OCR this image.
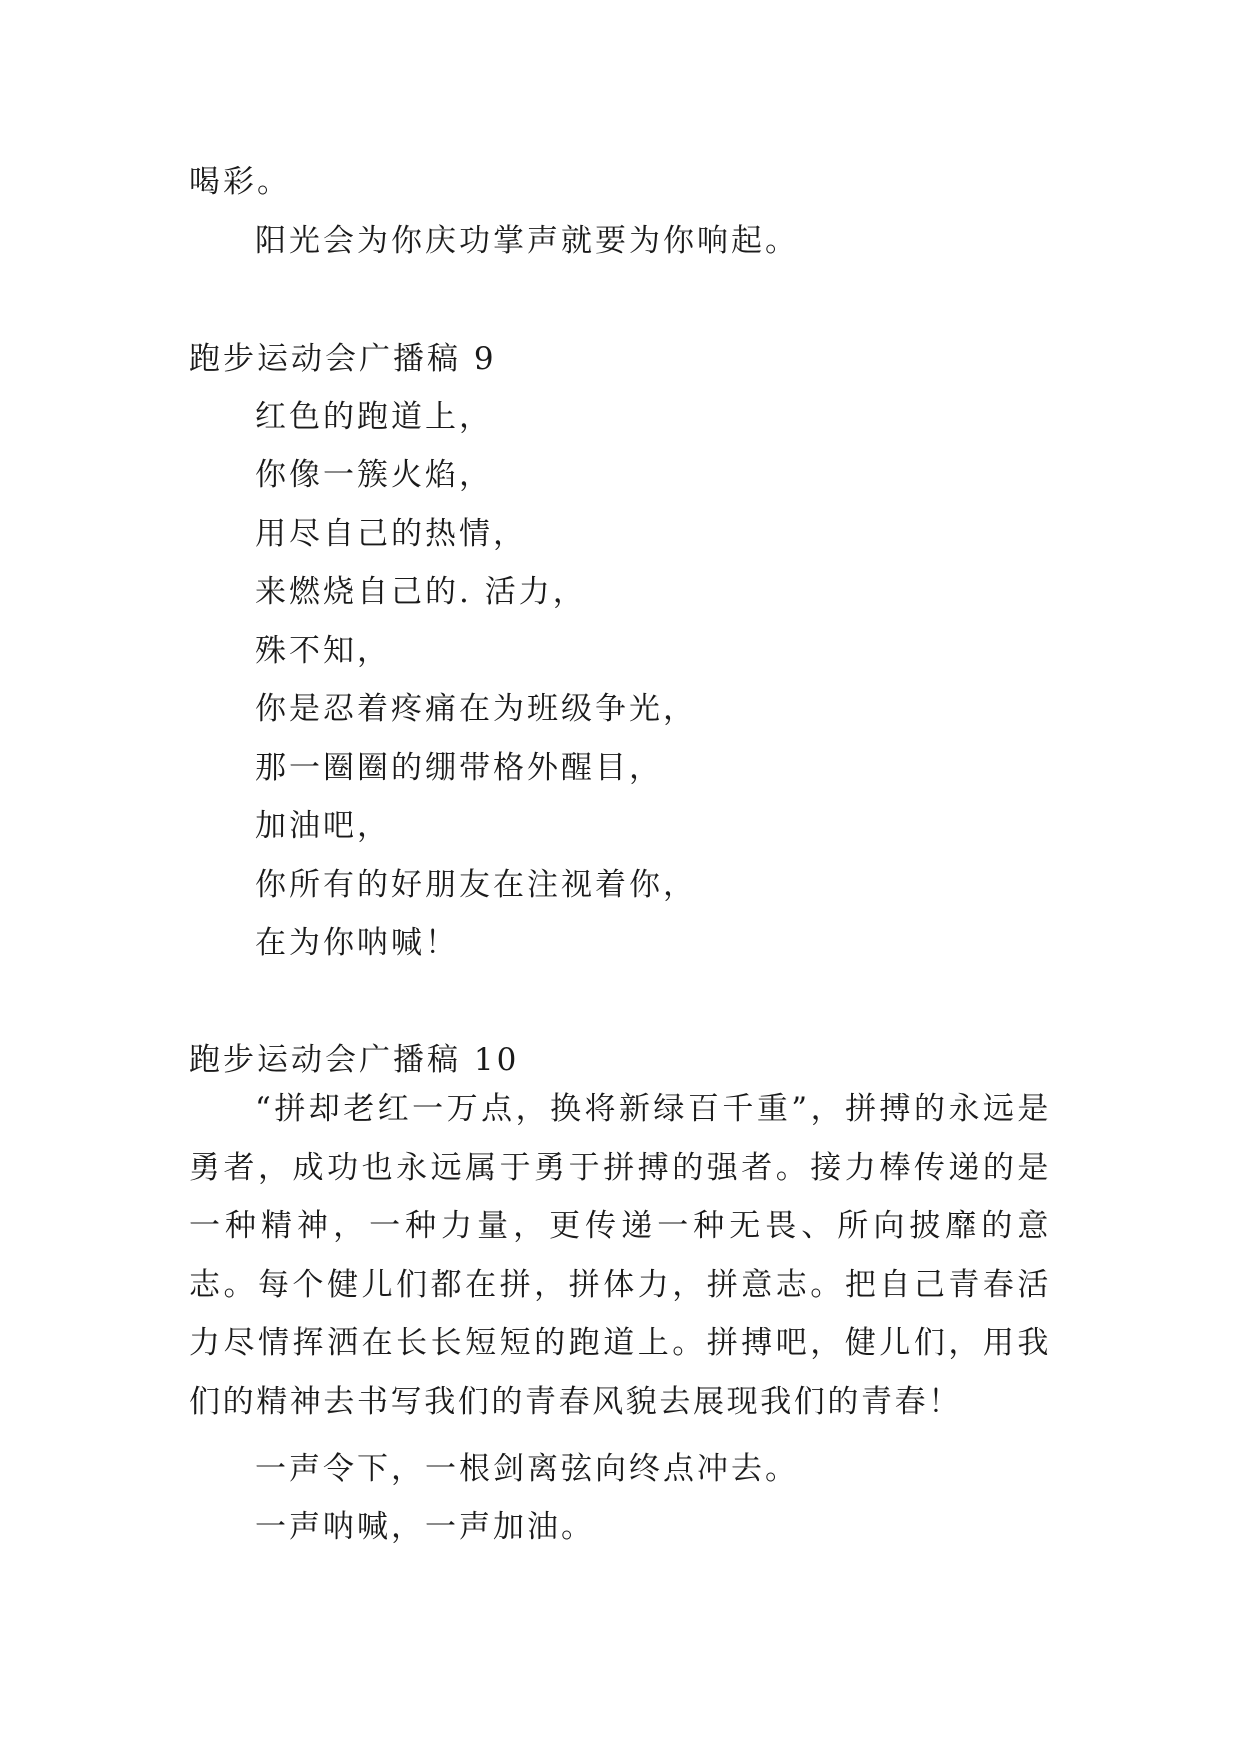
喝彩。
阳光会为你庆功掌声就要为你响起。
跑步运动会广播稿 9
红色的跑道上，
你像一簇火焰，
用尽自己的热情，
来燃烧自己的. 活力，
殊不知，
你是忍着疼痛在为班级争光，
那一圈圈的绷带格外醒目，
加油吧，
你所有的好朋友在注视着你，
在为你呐喊！
跑步运动会广播稿 10
“拼却老红一万点，换将新绿百千重”，拼搏的永远是勇者，成功也永远属于勇于拼搏的强者。接力棒传递的是一种精神，一种力量，更传递一种无畏、所向披靡的意志。每个健儿们都在拼，拼体力，拼意志。把自己青春活力尽情挥洒在长长短短的跑道上。拼搏吧，健儿们，用我们的精神去书写我们的青春风貌去展现我们的青春！
一声令下，一根剑离弦向终点冲去。
一声呐喊，一声加油。
